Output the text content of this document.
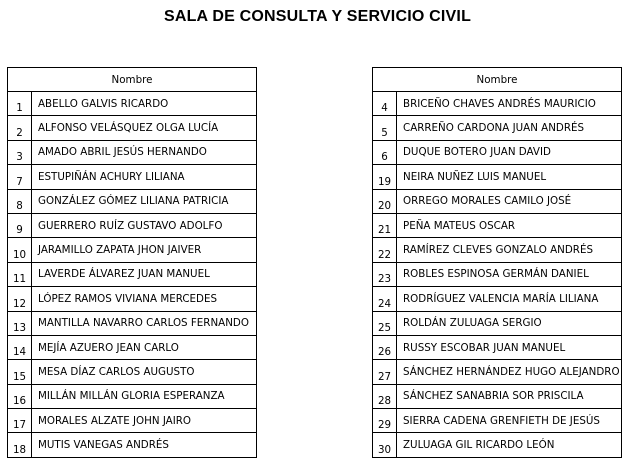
SALA DE CONSULTA Y SERVICIO CIVIL
Nombre	
1	ABELLO GALVIS RICARDO
2	ALFONSO VELÁSQUEZ OLGA LUCÍA
3	AMADO ABRIL JESÚS HERNANDO
7	ESTUPIÑÁN ACHURY LILIANA
8	GONZÁLEZ GÓMEZ LILIANA PATRICIA
9	GUERRERO RUÍZ GUSTAVO ADOLFO
10	JARAMILLO ZAPATA JHON JAIVER
11	LAVERDE ÁLVAREZ JUAN MANUEL
12	LÓPEZ RAMOS VIVIANA MERCEDES
13	MANTILLA NAVARRO CARLOS FERNANDO
14	MEJÍA AZUERO JEAN CARLO
15	MESA DÍAZ CARLOS AUGUSTO
16	MILLÁN MILLÁN GLORIA ESPERANZA
17	MORALES ALZATE JOHN JAIRO
18	MUTIS VANEGAS ANDRÉS
Nombre	
4	BRICEÑO CHAVES ANDRÉS MAURICIO
5	CARREÑO CARDONA JUAN ANDRÉS
6	DUQUE BOTERO JUAN DAVID
19	NEIRA NUÑEZ LUIS MANUEL
20	ORREGO MORALES CAMILO JOSÉ
21	PEÑA MATEUS OSCAR
22	RAMÍREZ CLEVES GONZALO ANDRÉS
23	ROBLES ESPINOSA GERMÁN DANIEL
24	RODRÍGUEZ VALENCIA MARÍA LILIANA
25	ROLDÁN ZULUAGA SERGIO
26	RUSSY ESCOBAR JUAN MANUEL
27	SÁNCHEZ HERNÁNDEZ HUGO ALEJANDRO
28	SÁNCHEZ SANABRIA SOR PRISCILA
29	SIERRA CADENA GRENFIETH DE JESÚS
30	ZULUAGA GIL RICARDO LEÓN
